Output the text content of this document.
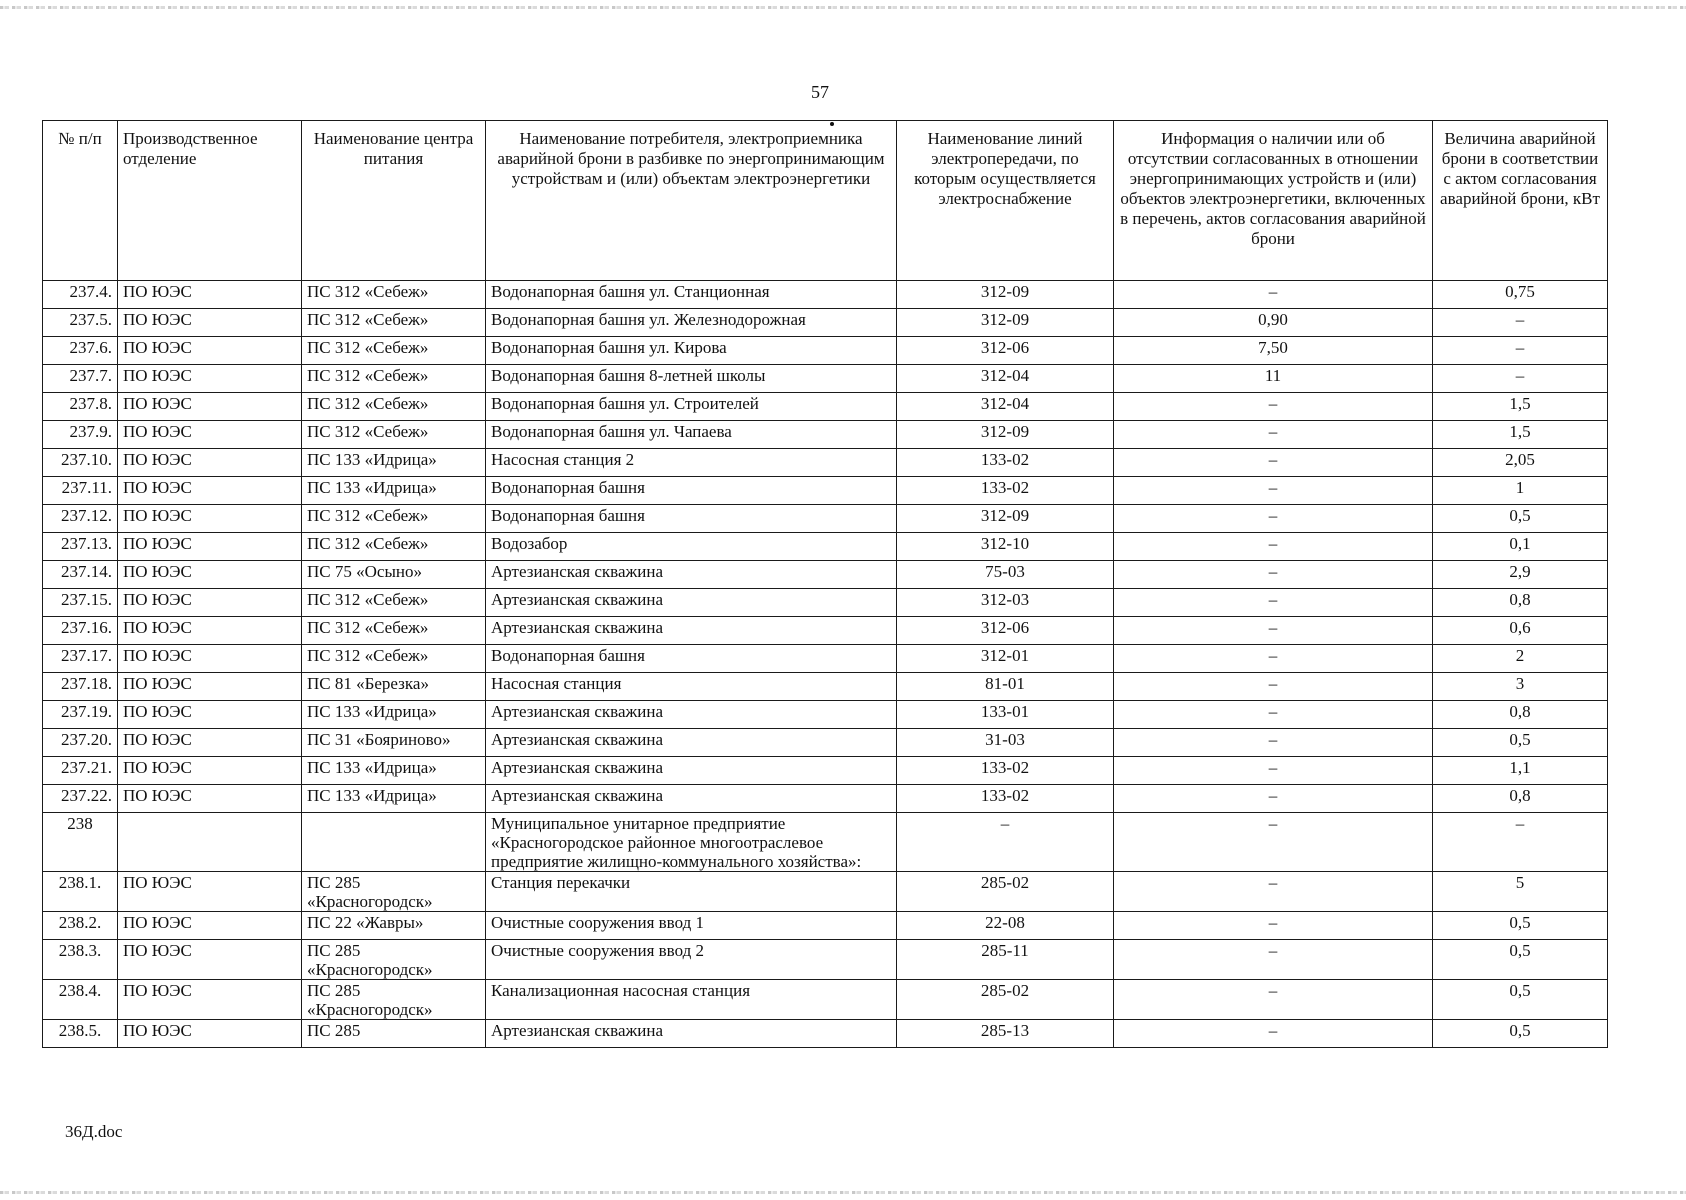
57
№ п/п	Производственное отделение	Наименование центра питания	Наименование потребителя, электроприемника аварийной брони в разбивке по энергопринимающим устройствам и (или) объектам электроэнергетики	Наименование линий электропередачи, по которым осуществляется электроснабжение	Информация о наличии или об отсутствии согласованных в отношении энергопринимающих устройств и (или) объектов электроэнергетики, включенных в перечень, актов согласования аварийной брони	Величина аварийной брони в соответствии с актом согласования аварийной брони, кВт
237.4.	ПО ЮЭС	ПС 312 «Себеж»	Водонапорная башня ул. Станционная	312-09	–	0,75
237.5.	ПО ЮЭС	ПС 312 «Себеж»	Водонапорная башня ул. Железнодорожная	312-09	0,90	–
237.6.	ПО ЮЭС	ПС 312 «Себеж»	Водонапорная башня ул. Кирова	312-06	7,50	–
237.7.	ПО ЮЭС	ПС 312 «Себеж»	Водонапорная башня 8-летней школы	312-04	11	–
237.8.	ПО ЮЭС	ПС 312 «Себеж»	Водонапорная башня ул. Строителей	312-04	–	1,5
237.9.	ПО ЮЭС	ПС 312 «Себеж»	Водонапорная башня ул. Чапаева	312-09	–	1,5
237.10.	ПО ЮЭС	ПС 133 «Идрица»	Насосная станция 2	133-02	–	2,05
237.11.	ПО ЮЭС	ПС 133 «Идрица»	Водонапорная башня	133-02	–	1
237.12.	ПО ЮЭС	ПС 312 «Себеж»	Водонапорная башня	312-09	–	0,5
237.13.	ПО ЮЭС	ПС 312 «Себеж»	Водозабор	312-10	–	0,1
237.14.	ПО ЮЭС	ПС 75 «Осыно»	Артезианская скважина	75-03	–	2,9
237.15.	ПО ЮЭС	ПС 312 «Себеж»	Артезианская скважина	312-03	–	0,8
237.16.	ПО ЮЭС	ПС 312 «Себеж»	Артезианская скважина	312-06	–	0,6
237.17.	ПО ЮЭС	ПС 312 «Себеж»	Водонапорная башня	312-01	–	2
237.18.	ПО ЮЭС	ПС 81 «Березка»	Насосная станция	81-01	–	3
237.19.	ПО ЮЭС	ПС 133 «Идрица»	Артезианская скважина	133-01	–	0,8
237.20.	ПО ЮЭС	ПС 31 «Бояриново»	Артезианская скважина	31-03	–	0,5
237.21.	ПО ЮЭС	ПС 133 «Идрица»	Артезианская скважина	133-02	–	1,1
237.22.	ПО ЮЭС	ПС 133 «Идрица»	Артезианская скважина	133-02	–	0,8
238			Муниципальное унитарное предприятие «Красногородское районное многоотраслевое предприятие жилищно-коммунального хозяйства»:	–	–	–
238.1.	ПО ЮЭС	ПС 285 «Красногородск»	Станция перекачки	285-02	–	5
238.2.	ПО ЮЭС	ПС 22 «Жавры»	Очистные сооружения ввод 1	22-08	–	0,5
238.3.	ПО ЮЭС	ПС 285 «Красногородск»	Очистные сооружения ввод 2	285-11	–	0,5
238.4.	ПО ЮЭС	ПС 285 «Красногородск»	Канализационная насосная станция	285-02	–	0,5
238.5.	ПО ЮЭС	ПС 285	Артезианская скважина	285-13	–	0,5
36Д.doc
